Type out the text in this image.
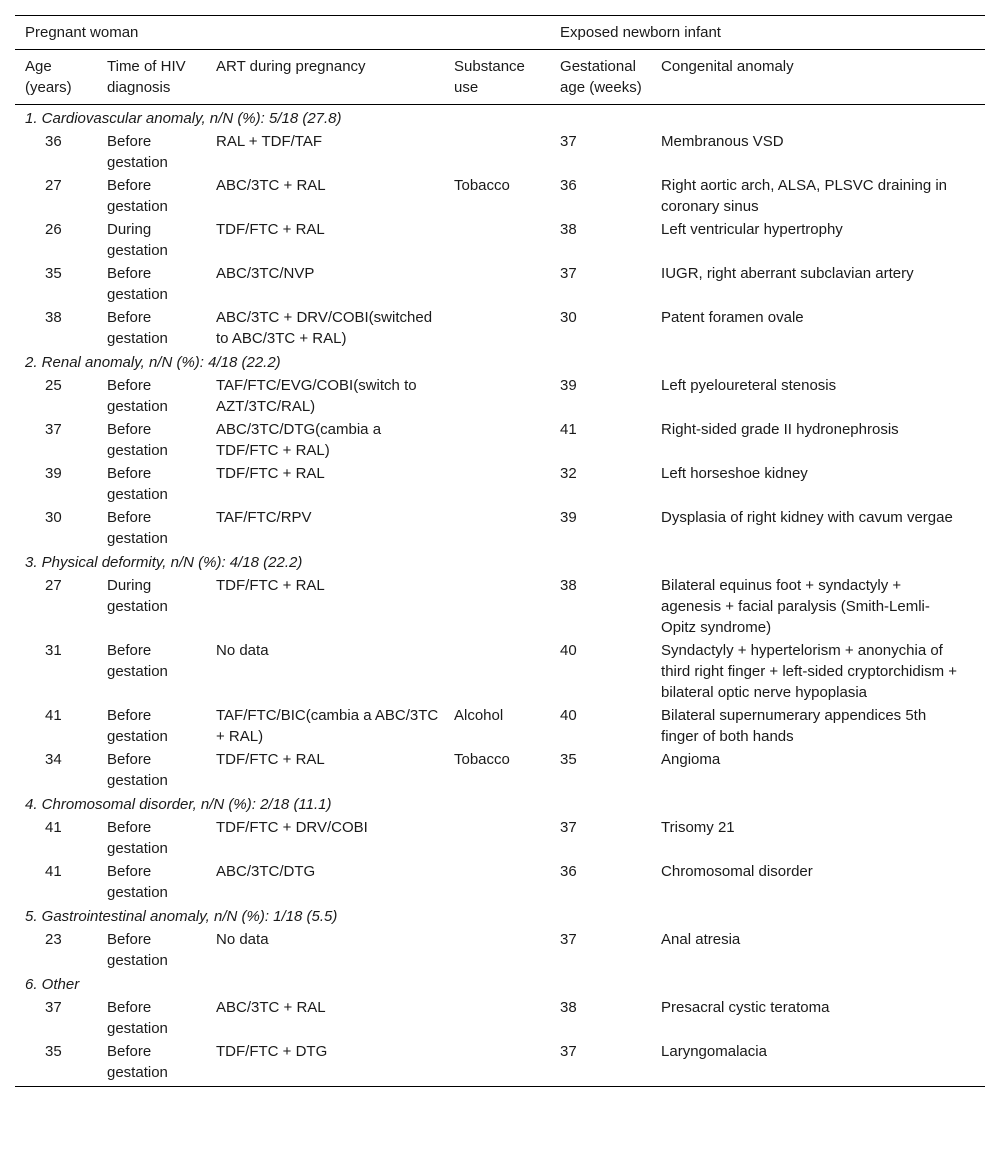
Pregnant woman				Exposed newborn infant	
Age (years)	Time of HIV diagnosis	ART during pregnancy	Substance use	Gestational age (weeks)	Congenital anomaly
1. Cardiovascular anomaly, n/N (%): 5/18 (27.8)					
36	Before gestation	RAL + TDF/TAF		37	Membranous VSD
27	Before gestation	ABC/3TC + RAL	Tobacco	36	Right aortic arch, ALSA, PLSVC draining in coronary sinus
26	During gestation	TDF/FTC + RAL		38	Left ventricular hypertrophy
35	Before gestation	ABC/3TC/NVP		37	IUGR, right aberrant subclavian artery
38	Before gestation	ABC/3TC + DRV/COBI(switched to ABC/3TC + RAL)		30	Patent foramen ovale
2. Renal anomaly, n/N (%): 4/18 (22.2)					
25	Before gestation	TAF/FTC/EVG/COBI(switch to AZT/3TC/RAL)		39	Left pyeloureteral stenosis
37	Before gestation	ABC/3TC/DTG(cambia a TDF/FTC + RAL)		41	Right-sided grade II hydronephrosis
39	Before gestation	TDF/FTC + RAL		32	Left horseshoe kidney
30	Before gestation	TAF/FTC/RPV		39	Dysplasia of right kidney with cavum vergae
3. Physical deformity, n/N (%): 4/18 (22.2)					
27	During gestation	TDF/FTC + RAL		38	Bilateral equinus foot + syndactyly + agenesis + facial paralysis (Smith-Lemli-Opitz syndrome)
31	Before gestation	No data		40	Syndactyly + hypertelorism + anonychia of third right finger + left-sided cryptorchidism + bilateral optic nerve hypoplasia
41	Before gestation	TAF/FTC/BIC(cambia a ABC/3TC + RAL)	Alcohol	40	Bilateral supernumerary appendices 5th finger of both hands
34	Before gestation	TDF/FTC + RAL	Tobacco	35	Angioma
4. Chromosomal disorder, n/N (%): 2/18 (11.1)					
41	Before gestation	TDF/FTC + DRV/COBI		37	Trisomy 21
41	Before gestation	ABC/3TC/DTG		36	Chromosomal disorder
5. Gastrointestinal anomaly, n/N (%): 1/18 (5.5)					
23	Before gestation	No data		37	Anal atresia
6. Other					
37	Before gestation	ABC/3TC + RAL		38	Presacral cystic teratoma
35	Before gestation	TDF/FTC + DTG		37	Laryngomalacia
